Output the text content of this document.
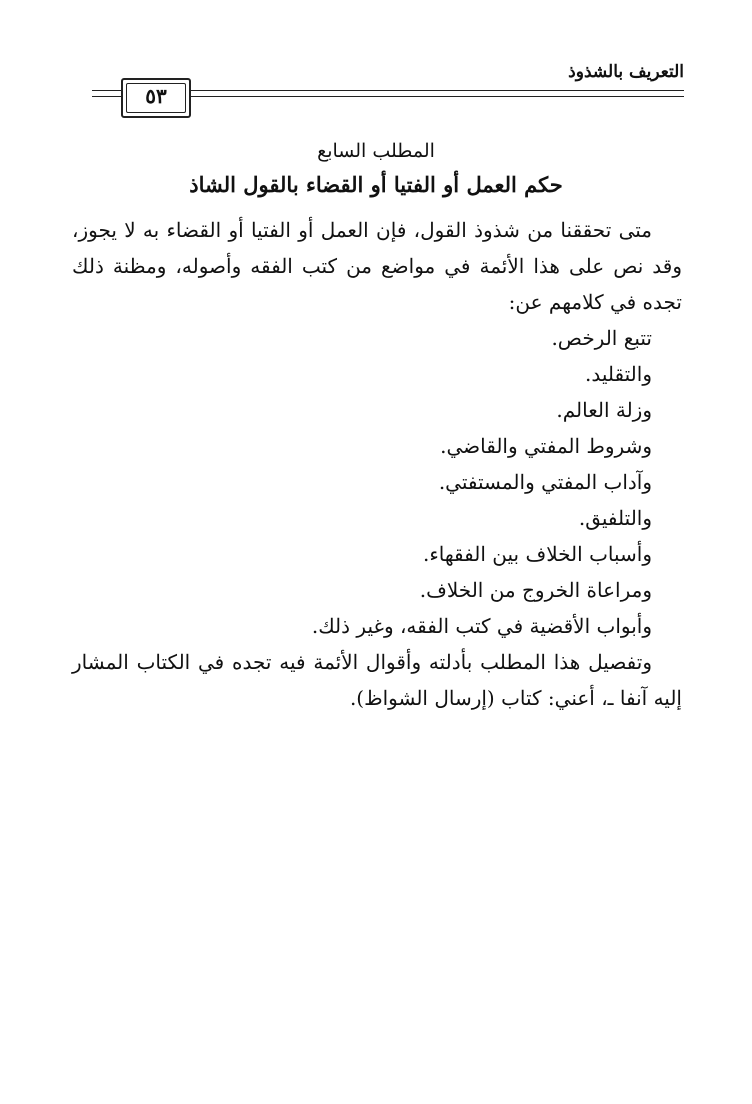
التعريف بالشذوذ
٥٣
المطلب السابع
حكم العمل أو الفتيا أو القضاء بالقول الشاذ

متى تحققنا من شذوذ القول، فإن العمل أو الفتيا أو القضاء به لا يجوز، وقد نص على هذا الأئمة في مواضع من كتب الفقه وأصوله، ومظنة ذلك تجده في كلامهم عن:

تتبع الرخص.
والتقليد.
وزلة العالم.
وشروط المفتي والقاضي.
وآداب المفتي والمستفتي.
والتلفيق.
وأسباب الخلاف بين الفقهاء.
ومراعاة الخروج من الخلاف.
وأبواب الأقضية في كتب الفقه، وغير ذلك.

وتفصيل هذا المطلب بأدلته وأقوال الأئمة فيه تجده في الكتاب المشار إليه آنفا ـ، أعني: كتاب (إرسال الشواظ).
